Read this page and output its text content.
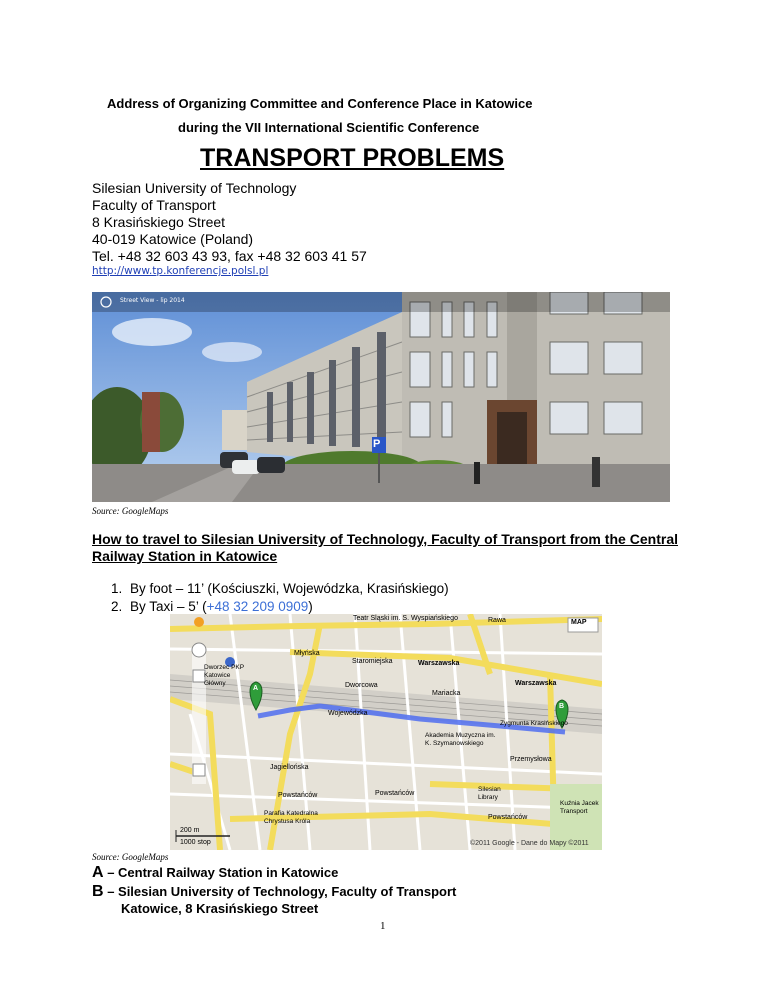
Address of Organizing Committee and Conference Place in Katowice
during the VII International Scientific Conference
TRANSPORT PROBLEMS
Silesian University of Technology
Faculty of Transport
8 Krasińskiego Street
40-019 Katowice (Poland)
Tel. +48 32 603 43 93, fax +48 32 603 41 57
http://www.tp.konferencje.polsl.pl
Street View - lip 2014
P
Source: GoogleMaps
How to travel to Silesian University of Technology, Faculty of Transport from the Central Railway Station in Katowice
1. By foot – 11’ (Kościuszki, Wojewódzka, Krasińskiego)
2. By Taxi – 5’ (+48 32 209 0909)
Teatr Śląski im. S. Wyspiańskiego	Rawa
Młyńska
Staromiejska	Warszawska
Warszawska
Dworzec PKP Katowice Główny	Dworcowa
Mariacka
Wojewódzka
Zygmunta Krasińskiego
Akademia Muzyczna im. K. Szymanowskiego
Jagiellońska
Przemysłowa
Powstańców	Powstańców
Powstańców
Silesian Library
Kuźnia Jacek Transport
Parafia Katedralna Chrystusa Króla
200 m
1000 stop	©2011 Google - Dane do Mapy ©2011
MAP
A
B
Source: GoogleMaps
A – Central Railway Station in Katowice
B – Silesian University of Technology, Faculty of Transport
Katowice, 8 Krasińskiego Street
1
